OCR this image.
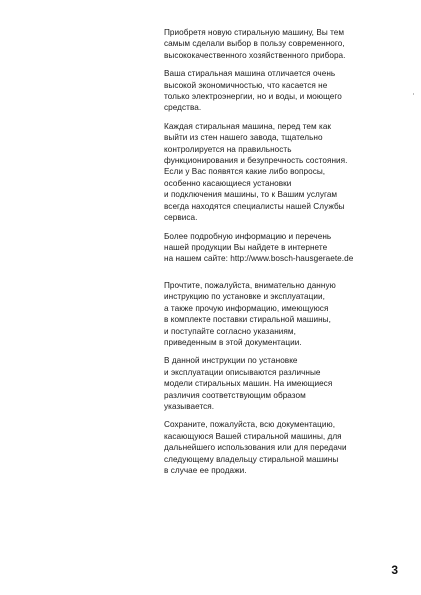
Приобретя новую стиральную машину, Вы тем
самым сделали выбор в пользу современного,
высококачественного хозяйственного прибора.

Ваша стиральная машина отличается очень
высокой экономичностью, что касается не
только электроэнергии, но и воды, и моющего
средства.

Каждая стиральная машина, перед тем как
выйти из стен нашего завода, тщательно
контролируется на правильность
функционирования и безупречность состояния.
Если у Вас появятся какие либо вопросы,
особенно касающиеся установки
и подключения машины, то к Вашим услугам
всегда находятся специалисты нашей Службы
сервиса.

Более подробную информацию и перечень
нашей продукции Вы найдете в интернете
на нашем сайте: http://www.bosch-hausgeraete.de

Прочтите, пожалуйста, внимательно данную
инструкцию по установке и эксплуатации,
а также прочую информацию, имеющуюся
в комплекте поставки стиральной машины,
и поступайте согласно указаниям,
приведенным в этой документации.

В данной инструкции по установке
и эксплуатации описываются различные
модели стиральных машин. На имеющиеся
различия соответствующим образом
указывается.

Сохраните, пожалуйста, всю документацию,
касающуюся Вашей стиральной машины, для
дальнейшего использования или для передачи
следующему владельцу стиральной машины
в случае ее продажи.

3
